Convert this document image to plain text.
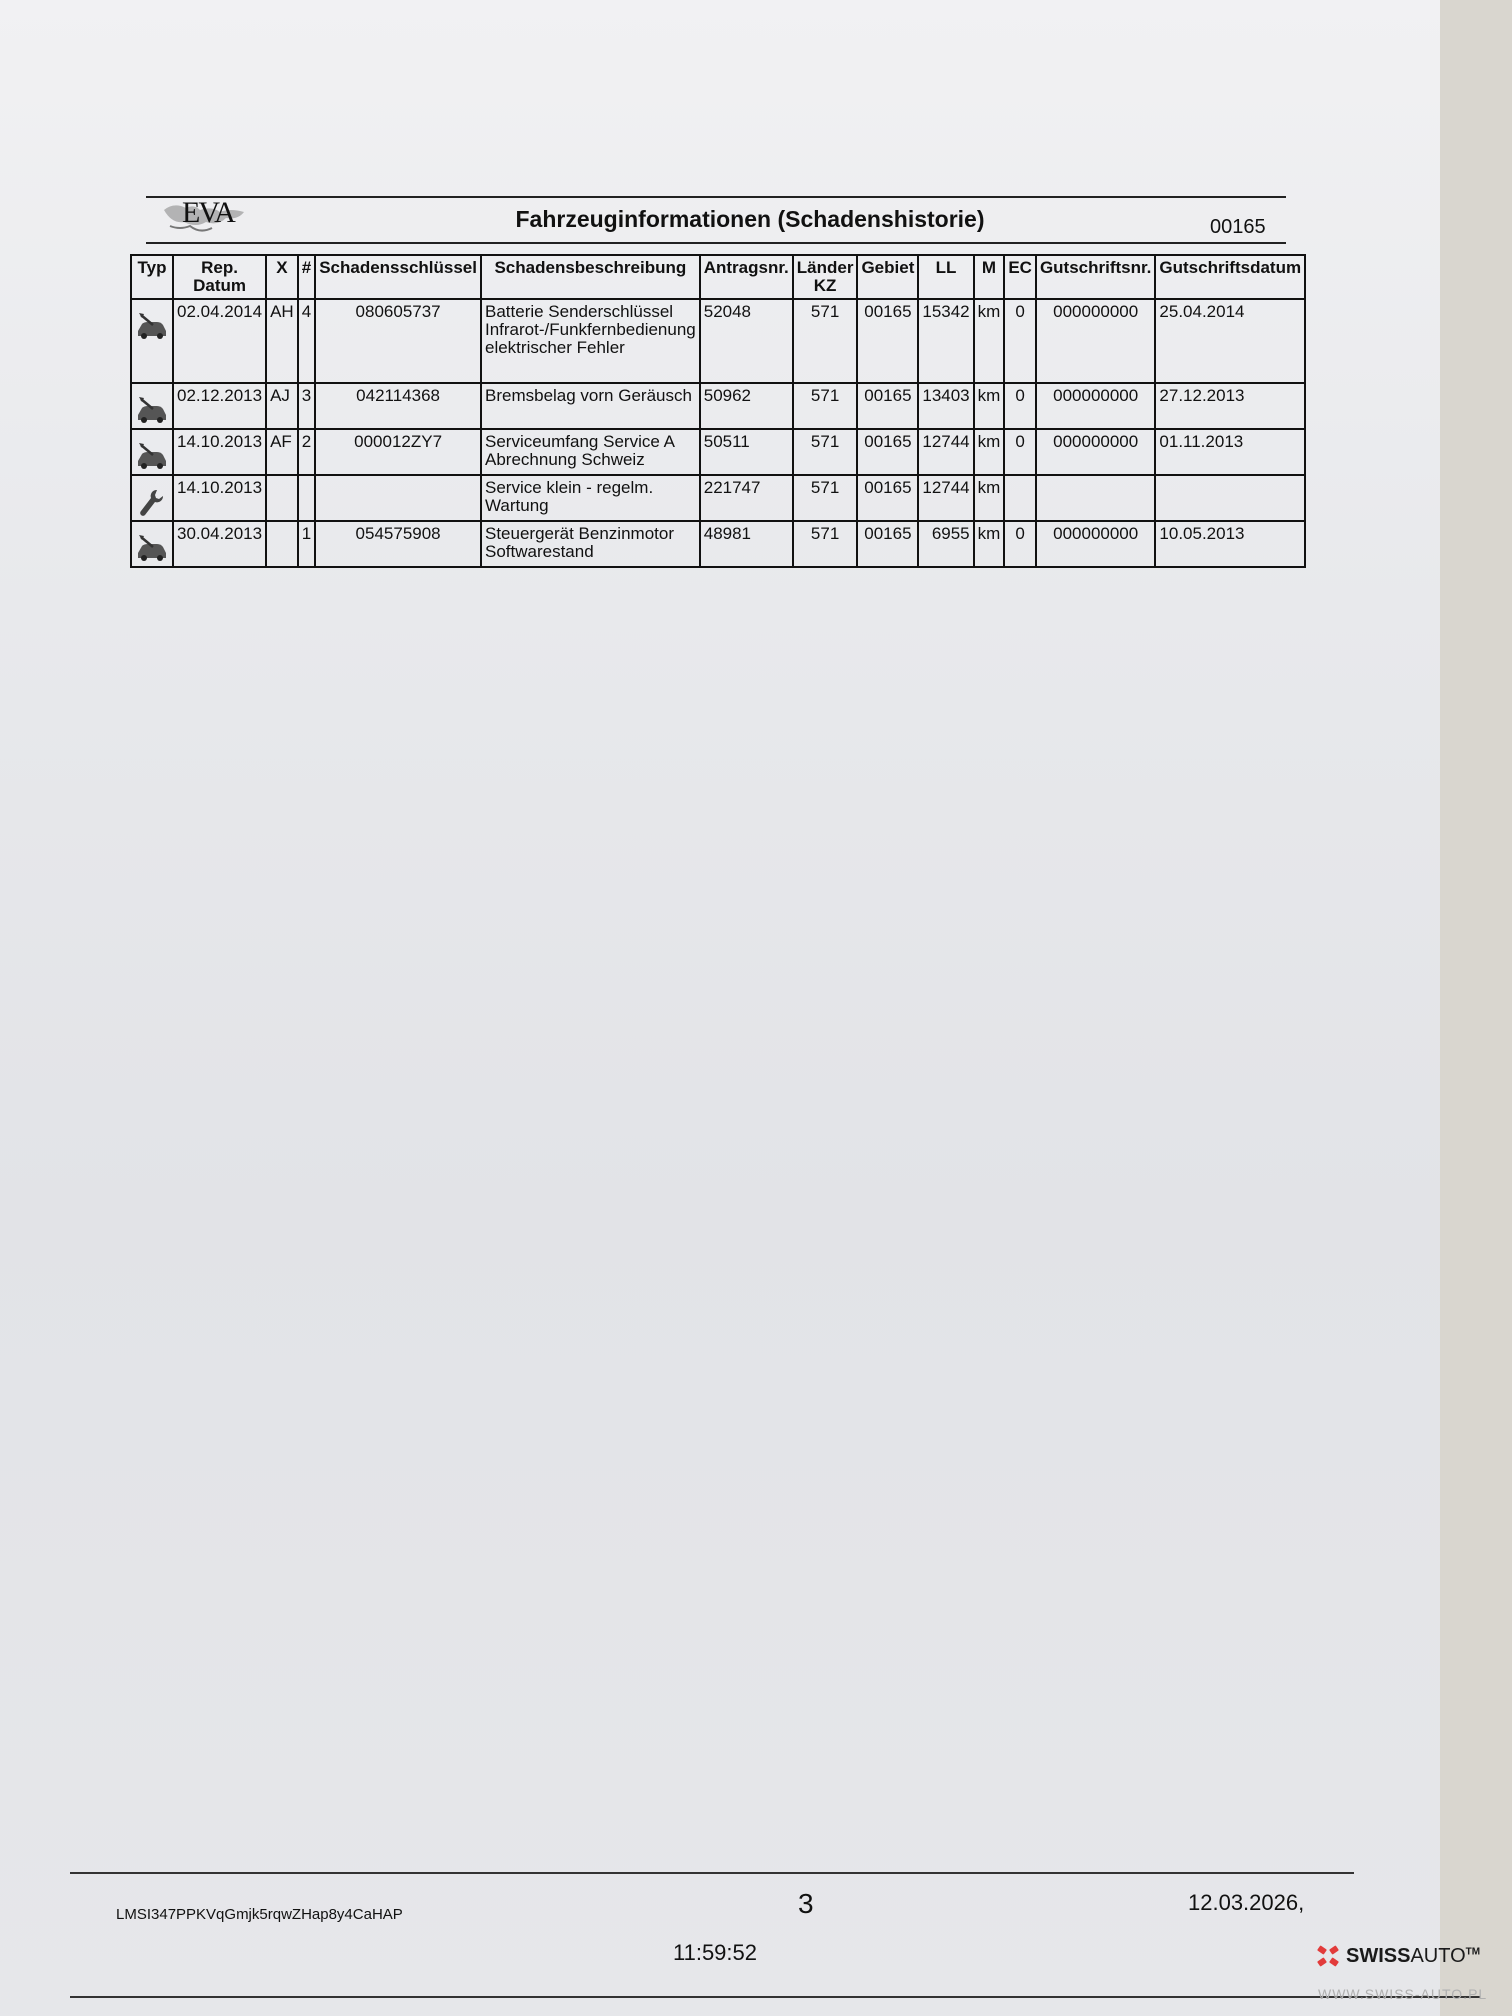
EVA	Fahrzeuginformationen (Schadenshistorie)	00165
Typ	Rep. Datum	X	#	Schadensschlüssel	Schadensbeschreibung	Antragsnr.	Länder KZ	Gebiet	LL	M	EC	Gutschriftsnr.	Gutschriftsdatum

	02.04.2014	AH	4	080605737	Batterie Senderschlüssel Infrarot-/Funkfernbedienung elektrischer Fehler	52048	571	00165	15342	km	0	000000000	25.04.2014

	02.12.2013	AJ	3	042114368	Bremsbelag vorn Geräusch	50962	571	00165	13403	km	0	000000000	27.12.2013

	14.10.2013	AF	2	000012ZY7	Serviceumfang Service A Abrechnung Schweiz	50511	571	00165	12744	km	0	000000000	01.11.2013

	14.10.2013				Service klein - regelm. Wartung	221747	571	00165	12744	km			

	30.04.2013		1	054575908	Steuergerät Benzinmotor Softwarestand	48981	571	00165	6955	km	0	000000000	10.05.2013
LMSI347PPKVqGmjk5rqwZHap8y4CaHAP	3	12.03.2026,
11:59:52	SWISSAUTO™
WWW.SWISS-AUTO.PL
